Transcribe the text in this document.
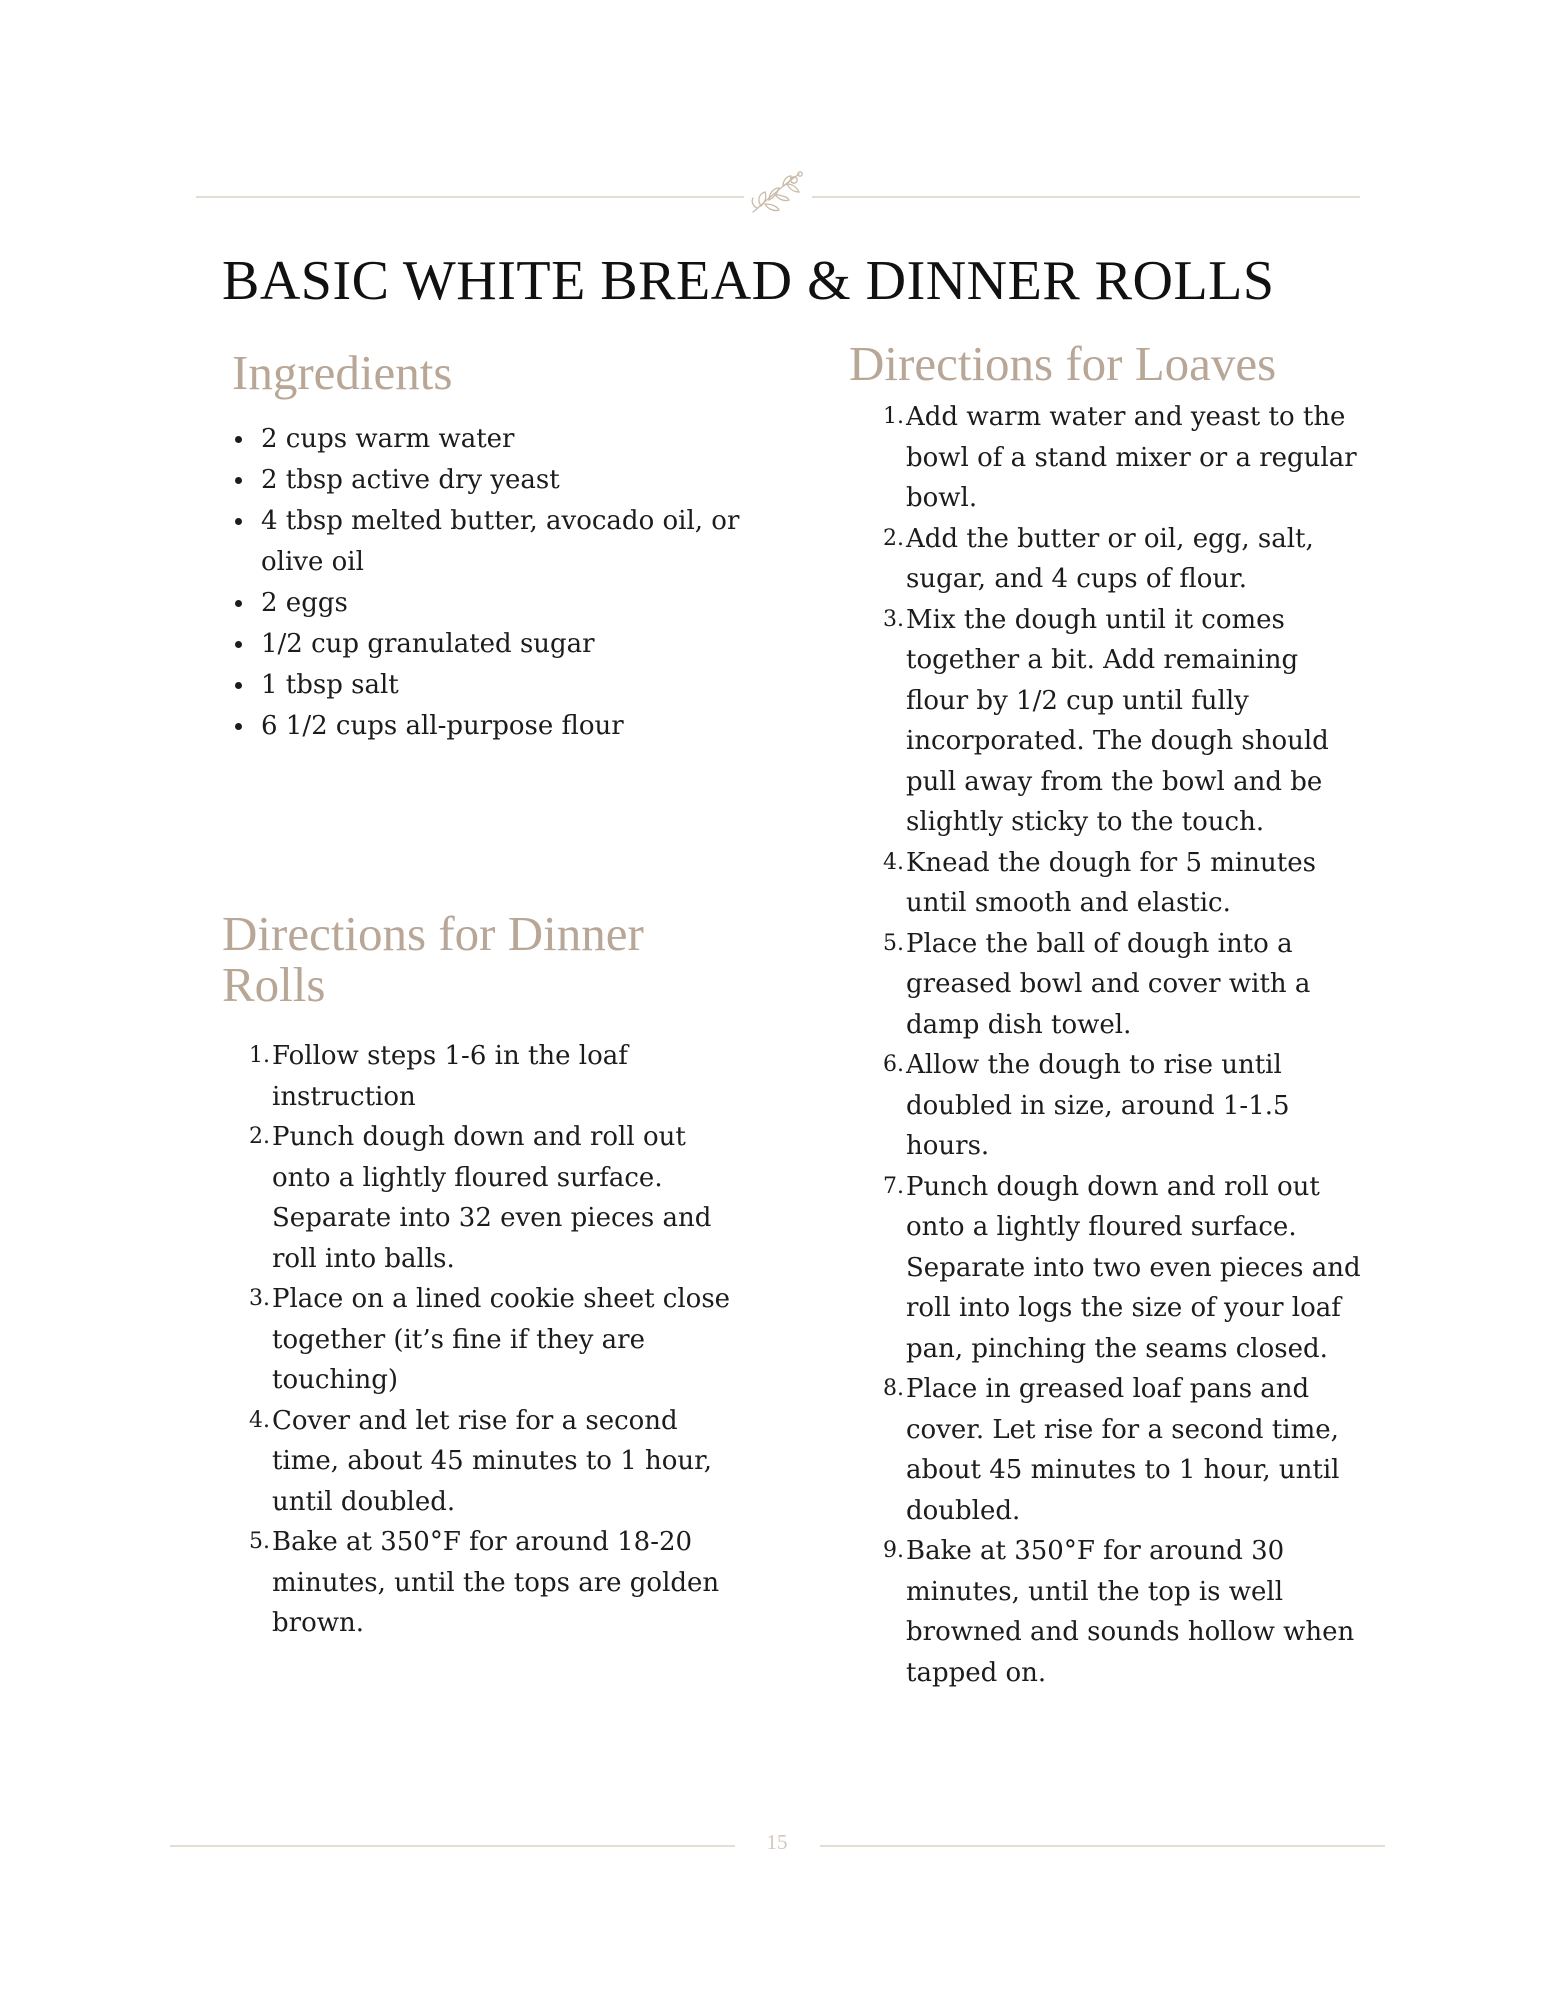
BASIC WHITE BREAD & DINNER ROLLS
Ingredients
2 cups warm water
2 tbsp active dry yeast
4 tbsp melted butter, avocado oil, or olive oil
2 eggs
1/2 cup granulated sugar
1 tbsp salt
6 1/2 cups all-purpose flour
Directions for Dinner Rolls
1. Follow steps 1-6 in the loaf instruction
2. Punch dough down and roll out onto a lightly floured surface. Separate into 32 even pieces and roll into balls.
3. Place on a lined cookie sheet close together (it’s fine if they are touching)
4. Cover and let rise for a second time, about 45 minutes to 1 hour, until doubled.
5. Bake at 350°F for around 18-20 minutes, until the tops are golden brown.
Directions for Loaves
1. Add warm water and yeast to the bowl of a stand mixer or a regular bowl.
2. Add the butter or oil, egg, salt, sugar, and 4 cups of flour.
3. Mix the dough until it comes together a bit. Add remaining flour by 1/2 cup until fully incorporated. The dough should pull away from the bowl and be slightly sticky to the touch.
4. Knead the dough for 5 minutes until smooth and elastic.
5. Place the ball of dough into a greased bowl and cover with a damp dish towel.
6. Allow the dough to rise until doubled in size, around 1-1.5 hours.
7. Punch dough down and roll out onto a lightly floured surface. Separate into two even pieces and roll into logs the size of your loaf pan, pinching the seams closed.
8. Place in greased loaf pans and cover. Let rise for a second time, about 45 minutes to 1 hour, until doubled.
9. Bake at 350°F for around 30 minutes, until the top is well browned and sounds hollow when tapped on.
15
